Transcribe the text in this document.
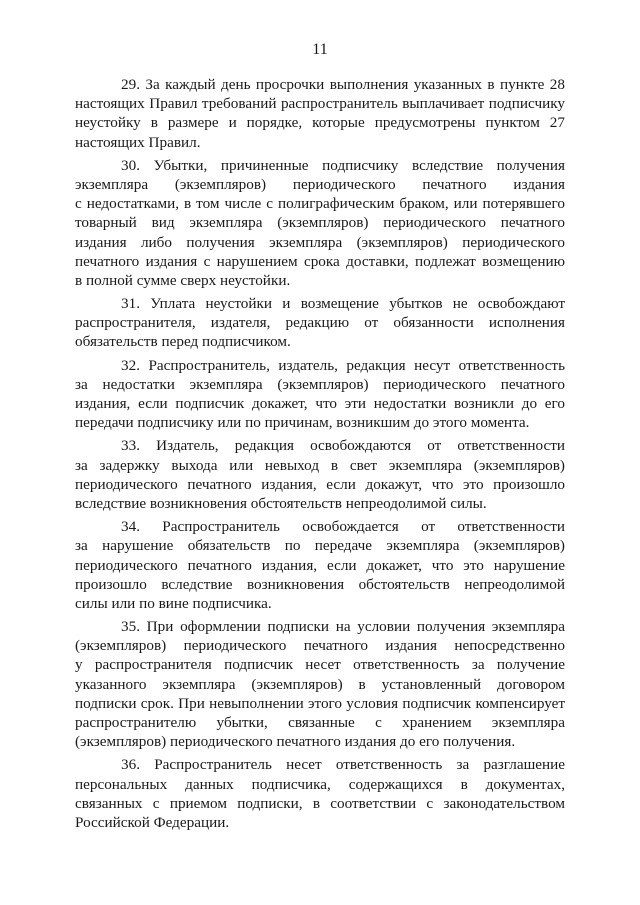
11
29. За каждый день просрочки выполнения указанных в пункте 28
настоящих Правил требований распространитель выплачивает подписчику
неустойку в размере и порядке, которые предусмотрены пунктом 27
настоящих Правил.
30. Убытки, причиненные подписчику вследствие получения
экземпляра (экземпляров) периодического печатного издания
с недостатками, в том числе с полиграфическим браком, или потерявшего
товарный вид экземпляра (экземпляров) периодического печатного
издания либо получения экземпляра (экземпляров) периодического
печатного издания с нарушением срока доставки, подлежат возмещению
в полной сумме сверх неустойки.
31. Уплата неустойки и возмещение убытков не освобождают
распространителя, издателя, редакцию от обязанности исполнения
обязательств перед подписчиком.
32. Распространитель, издатель, редакция несут ответственность
за недостатки экземпляра (экземпляров) периодического печатного
издания, если подписчик докажет, что эти недостатки возникли до его
передачи подписчику или по причинам, возникшим до этого момента.
33. Издатель, редакция освобождаются от ответственности
за задержку выхода или невыход в свет экземпляра (экземпляров)
периодического печатного издания, если докажут, что это произошло
вследствие возникновения обстоятельств непреодолимой силы.
34. Распространитель освобождается от ответственности
за нарушение обязательств по передаче экземпляра (экземпляров)
периодического печатного издания, если докажет, что это нарушение
произошло вследствие возникновения обстоятельств непреодолимой
силы или по вине подписчика.
35. При оформлении подписки на условии получения экземпляра
(экземпляров) периодического печатного издания непосредственно
у распространителя подписчик несет ответственность за получение
указанного экземпляра (экземпляров) в установленный договором
подписки срок. При невыполнении этого условия подписчик компенсирует
распространителю убытки, связанные с хранением экземпляра
(экземпляров) периодического печатного издания до его получения.
36. Распространитель несет ответственность за разглашение
персональных данных подписчика, содержащихся в документах,
связанных с приемом подписки, в соответствии с законодательством
Российской Федерации.
